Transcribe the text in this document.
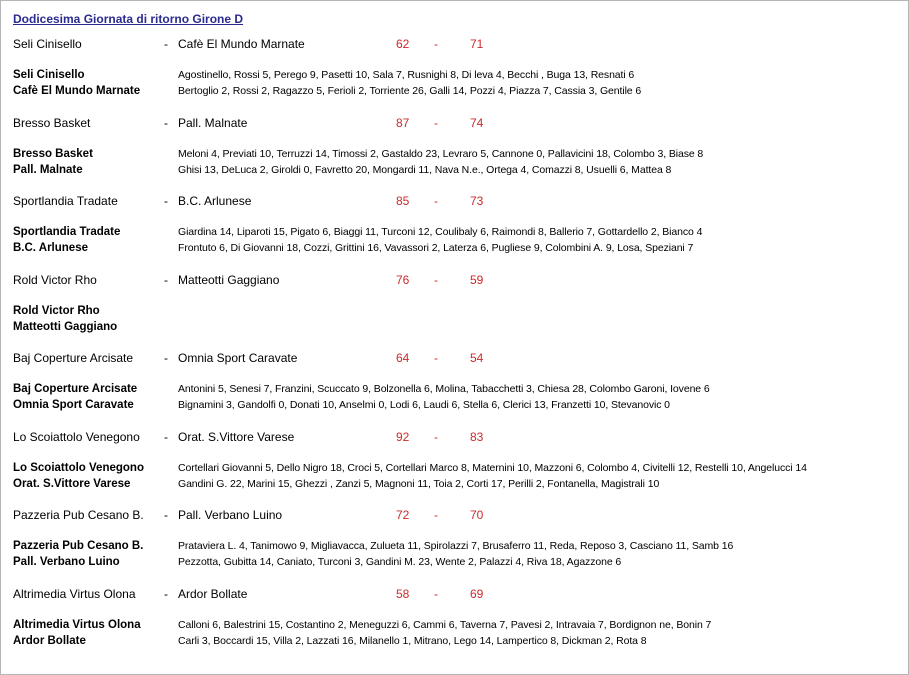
Dodicesima Giornata di ritorno Girone D
Seli Cinisello	- Cafè El Mundo Marnate	62 -	71
Seli Cinisello	Agostinello, Rossi 5, Perego 9, Pasetti 10, Sala 7, Rusnighi 8, Di leva 4, Becchi , Buga 13, Resnati 6
Cafè El Mundo Marnate	Bertoglio 2, Rossi 2, Ragazzo 5, Ferioli 2, Torriente 26, Galli 14, Pozzi 4, Piazza 7, Cassia 3, Gentile 6
Bresso Basket	- Pall. Malnate	87 -	74
Bresso Basket	Meloni 4, Previati 10, Terruzzi 14, Timossi 2, Gastaldo 23, Levraro 5, Cannone 0, Pallavicini 18, Colombo 3, Biase 8
Pall. Malnate	Ghisi 13, DeLuca 2, Giroldi 0, Favretto 20, Mongardi 11, Nava N.e., Ortega 4, Comazzi 8, Usuelli 6, Mattea 8
Sportlandia Tradate	- B.C. Arlunese	85 -	73
Sportlandia Tradate	Giardina 14, Liparoti 15, Pigato 6, Biaggi 11, Turconi 12, Coulibaly 6, Raimondi 8, Ballerio 7, Gottardello 2, Bianco 4
B.C. Arlunese	Frontuto 6, Di Giovanni 18, Cozzi, Grittini 16, Vavassori 2, Laterza 6, Pugliese 9, Colombini A. 9, Losa, Speziani 7
Rold Victor Rho	- Matteotti Gaggiano	76 -	59
Rold Victor Rho
Matteotti Gaggiano
Baj Coperture Arcisate	- Omnia Sport Caravate	64 -	54
Baj Coperture Arcisate	Antonini 5, Senesi 7, Franzini, Scuccato 9, Bolzonella 6, Molina, Tabacchetti 3, Chiesa 28, Colombo Garoni, Iovene 6
Omnia Sport Caravate	Bignamini 3, Gandolfi 0, Donati 10, Anselmi 0, Lodi 6, Laudi 6, Stella 6, Clerici 13, Franzetti 10, Stevanovic 0
Lo Scoiattolo Venegono - Orat. S.Vittore Varese	92 -	83
Lo Scoiattolo Venegono	Cortellari Giovanni 5, Dello Nigro 18, Croci 5, Cortellari Marco 8, Maternini 10, Mazzoni 6, Colombo 4, Civitelli 12, Restelli 10, Angelucci 14
Orat. S.Vittore Varese	Gandini G. 22, Marini 15, Ghezzi , Zanzi 5, Magnoni 11, Toia 2, Corti 17, Perilli 2, Fontanella, Magistrali 10
Pazzeria Pub Cesano B. - Pall. Verbano Luino	72 -	70
Pazzeria Pub Cesano B.	Prataviera L. 4, Tanimowo 9, Migliavacca, Zulueta 11, Spirolazzi 7, Brusaferro 11, Reda, Reposo 3, Casciano 11, Samb 16
Pall. Verbano Luino	Pezzotta, Gubitta 14, Caniato, Turconi 3, Gandini M. 23, Wente 2, Palazzi 4, Riva 18, Agazzone 6
Altrimedia Virtus Olona - Ardor Bollate	58 -	69
Altrimedia Virtus Olona	Calloni 6, Balestrini 15, Costantino 2, Meneguzzi 6, Cammi 6, Taverna 7, Pavesi 2, Intravaia 7, Bordignon ne, Bonin 7
Ardor Bollate	Carli 3, Boccardi 15, Villa 2, Lazzati 16, Milanello 1, Mitrano, Lego 14, Lampertico 8, Dickman 2, Rota 8
